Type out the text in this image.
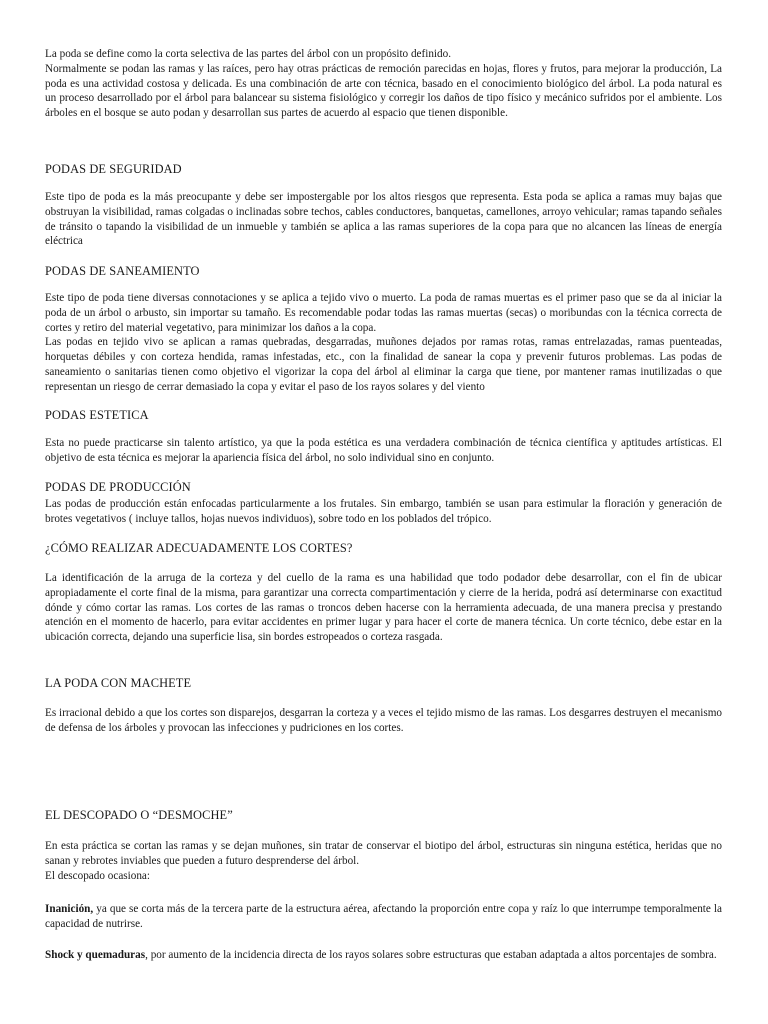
La poda se define como la corta selectiva de las partes del árbol con un propósito definido.

Normalmente se podan las ramas y las raíces, pero hay otras prácticas de remoción parecidas en hojas, flores y frutos, para mejorar la producción, La poda es una actividad costosa y delicada. Es una combinación de arte con técnica, basado en el conocimiento biológico del árbol. La poda natural es un proceso desarrollado por el árbol para balancear su sistema fisiológico y corregir los daños de tipo físico y mecánico sufridos por el ambiente. Los árboles en el bosque se auto podan y desarrollan sus partes de acuerdo al espacio que tienen disponible.

PODAS DE SEGURIDAD

Este tipo de poda es la más preocupante y debe ser impostergable por los altos riesgos que representa. Esta poda se aplica a ramas muy bajas que obstruyan la visibilidad, ramas colgadas o inclinadas sobre techos, cables conductores, banquetas, camellones, arroyo vehicular; ramas tapando señales de tránsito o tapando la visibilidad de un inmueble y también se aplica a las ramas superiores de la copa para que no alcancen las líneas de energía eléctrica

PODAS DE SANEAMIENTO

Este tipo de poda tiene diversas connotaciones y se aplica a tejido vivo o muerto. La poda de ramas muertas es el primer paso que se da al iniciar la poda de un árbol o arbusto, sin importar su tamaño. Es recomendable podar todas las ramas muertas (secas) o moribundas con la técnica correcta de cortes y retiro del material vegetativo, para minimizar los daños a la copa.

Las podas en tejido vivo se aplican a ramas quebradas, desgarradas, muñones dejados por ramas rotas, ramas entrelazadas, ramas puenteadas, horquetas débiles y con corteza hendida, ramas infestadas, etc., con la finalidad de sanear la copa y prevenir futuros problemas. Las podas de saneamiento o sanitarias tienen como objetivo el vigorizar la copa del árbol al eliminar la carga que tiene, por mantener ramas inutilizadas o que representan un riesgo de cerrar demasiado la copa y evitar el paso de los rayos solares y del viento

PODAS ESTETICA

Esta no puede practicarse sin talento artístico, ya que la poda estética es una verdadera combinación de técnica científica y aptitudes artísticas. El objetivo de esta técnica es mejorar la apariencia física del árbol, no solo individual sino en conjunto.

PODAS DE PRODUCCIÓN

Las podas de producción están enfocadas particularmente a los frutales. Sin embargo, también se usan para estimular la floración y generación de brotes vegetativos ( incluye tallos, hojas nuevos individuos), sobre todo en los poblados del trópico.

¿CÓMO REALIZAR ADECUADAMENTE LOS CORTES?

La identificación de la arruga de la corteza y del cuello de la rama es una habilidad que todo podador debe desarrollar, con el fin de ubicar apropiadamente el corte final de la misma, para garantizar una correcta compartimentación y cierre de la herida, podrá así determinarse con exactitud dónde y cómo cortar las ramas. Los cortes de las ramas o troncos deben hacerse con la herramienta adecuada, de una manera precisa y prestando atención en el momento de hacerlo, para evitar accidentes en primer lugar y para hacer el corte de manera técnica. Un corte técnico, debe estar en la ubicación correcta, dejando una superficie lisa, sin bordes estropeados o corteza rasgada.

LA PODA CON MACHETE

Es irracional debido a que los cortes son disparejos, desgarran la corteza y a veces el tejido mismo de las ramas. Los desgarres destruyen el mecanismo de defensa de los árboles y provocan las infecciones y pudriciones en los cortes.

EL DESCOPADO O “DESMOCHE”

En esta práctica se cortan las ramas y se dejan muñones, sin tratar de conservar el biotipo del árbol, estructuras sin ninguna estética, heridas que no sanan y rebrotes inviables que pueden a futuro desprenderse del árbol.

El descopado ocasiona:

Inanición, ya que se corta más de la tercera parte de la estructura aérea, afectando la proporción entre copa y raíz lo que interrumpe temporalmente la capacidad de nutrirse.

Shock y quemaduras, por aumento de la incidencia directa de los rayos solares sobre estructuras que estaban adaptada a altos porcentajes de sombra.
